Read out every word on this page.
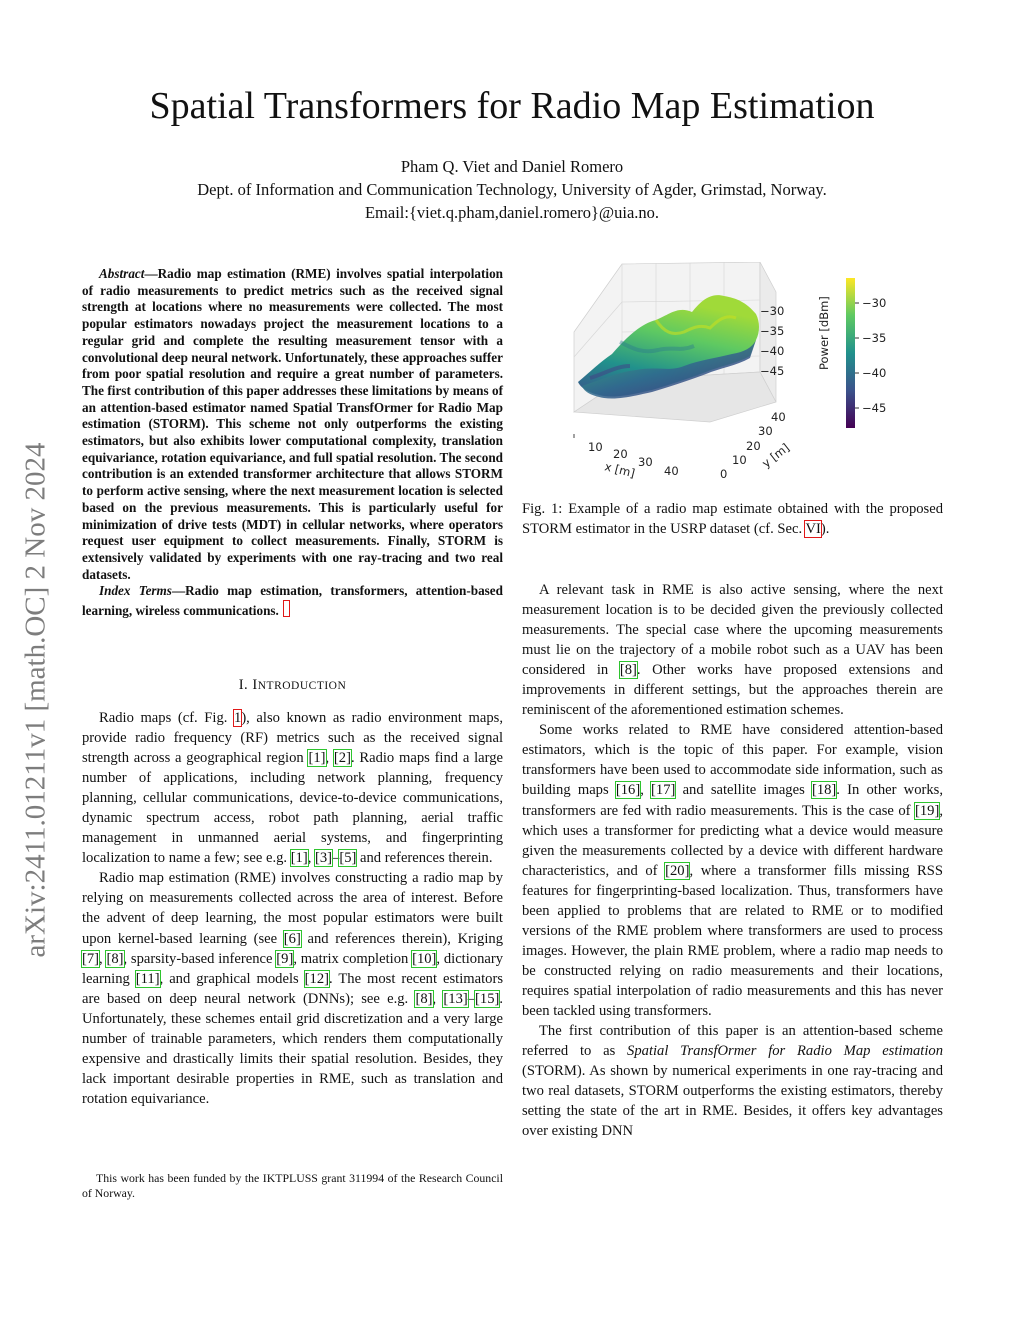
arXiv:2411.01211v1 [math.OC] 2 Nov 2024
Spatial Transformers for Radio Map Estimation
Pham Q. Viet and Daniel Romero
Dept. of Information and Communication Technology, University of Agder, Grimstad, Norway.
Email:{viet.q.pham,daniel.romero}@uia.no.
Abstract—Radio map estimation (RME) involves spatial interpolation of radio measurements to predict metrics such as the received signal strength at locations where no measurements were collected. The most popular estimators nowadays project the measurement locations to a regular grid and complete the resulting measurement tensor with a convolutional deep neural network. Unfortunately, these approaches suffer from poor spatial resolution and require a great number of parameters. The first contribution of this paper addresses these limitations by means of an attention-based estimator named Spatial TransfOrmer for Radio Map estimation (STORM). This scheme not only outperforms the existing estimators, but also exhibits lower computational complexity, translation equivariance, rotation equivariance, and full spatial resolution. The second contribution is an extended transformer architecture that allows STORM to perform active sensing, where the next measurement location is selected based on the previous measurements. This is particularly useful for minimization of drive tests (MDT) in cellular networks, where operators request user equipment to collect measurements. Finally, STORM is extensively validated by experiments with one ray-tracing and two real datasets.
Index Terms—Radio map estimation, transformers, attention-based learning, wireless communications.
I. INTRODUCTION

Radio maps (cf. Fig. 1), also known as radio environment maps, provide radio frequency (RF) metrics such as the received signal strength across a geographical region [1], [2]. Radio maps find a large number of applications, including network planning, frequency planning, cellular communications, device-to-device communications, dynamic spectrum access, robot path planning, aerial traffic management in unmanned aerial systems, and fingerprinting localization to name a few; see e.g. [1], [3]–[5] and references therein.

Radio map estimation (RME) involves constructing a radio map by relying on measurements collected across the area of interest. Before the advent of deep learning, the most popular estimators were built upon kernel-based learning (see [6] and references therein), Kriging [7], [8], sparsity-based inference [9], matrix completion [10], dictionary learning [11], and graphical models [12]. The most recent estimators are based on deep neural network (DNNs); see e.g. [8], [13]–[15]. Unfortunately, these schemes entail grid discretization and a very large number of trainable parameters, which renders them computationally expensive and drastically limits their spatial resolution. Besides, they lack important desirable properties in RME, such as translation and rotation equivariance.

This work has been funded by the IKTPLUSS grant 311994 of the Research Council of Norway.

−30
−35
−40
−45
Power [dBm]
10 20
30
40
x [m]	0
10
20
30
40
y [m]
−30
−35
−40
−45
Fig. 1: Example of a radio map estimate obtained with the proposed STORM estimator in the USRP dataset (cf. Sec. VI).

A relevant task in RME is also active sensing, where the next measurement location is to be decided given the previously collected measurements. The special case where the upcoming measurements must lie on the trajectory of a mobile robot such as a UAV has been considered in [8]. Other works have proposed extensions and improvements in different settings, but the approaches therein are reminiscent of the aforementioned estimation schemes.

Some works related to RME have considered attention-based estimators, which is the topic of this paper. For example, vision transformers have been used to accommodate side information, such as building maps [16], [17] and satellite images [18]. In other works, transformers are fed with radio measurements. This is the case of [19], which uses a transformer for predicting what a device would measure given the measurements collected by a device with different hardware characteristics, and of [20], where a transformer fills missing RSS features for fingerprinting-based localization. Thus, transformers have been applied to problems that are related to RME or to modified versions of the RME problem where transformers are used to process images. However, the plain RME problem, where a radio map needs to be constructed relying on radio measurements and their locations, requires spatial interpolation of radio measurements and this has never been tackled using transformers.

The first contribution of this paper is an attention-based scheme referred to as Spatial TransfOrmer for Radio Map estimation (STORM). As shown by numerical experiments in one ray-tracing and two real datasets, STORM outperforms the existing estimators, thereby setting the state of the art in RME. Besides, it offers key advantages over existing DNN
